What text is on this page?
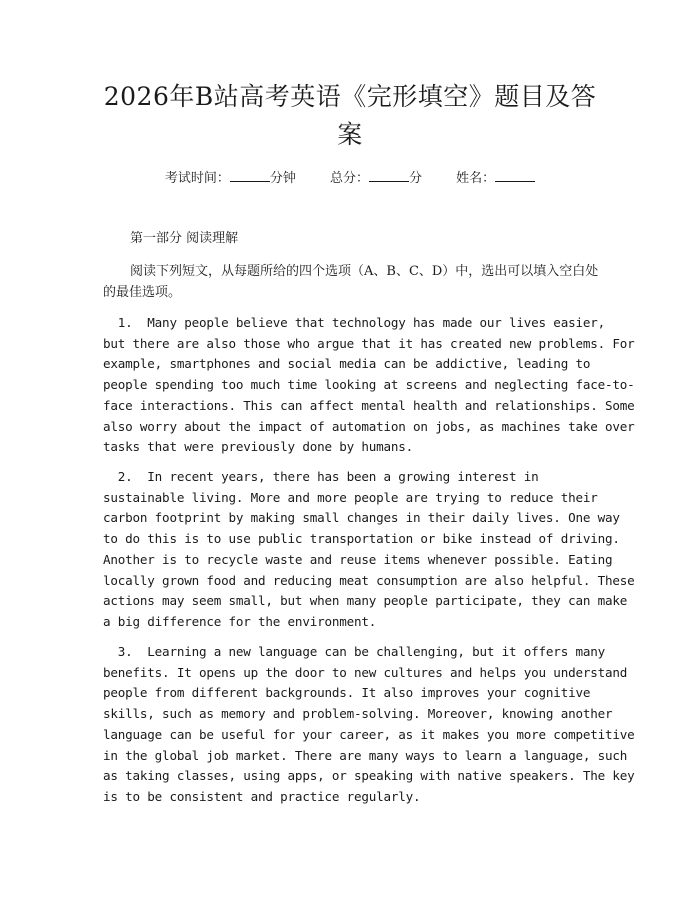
2026年B站高考英语《完形填空》题目及答
案
考试时间：	分钟	总分：	分	姓名：

第一部分 阅读理解

阅读下列短文，从每题所给的四个选项（A、B、C、D）中，选出可以填入空白处的最佳选项。

1.  Many people believe that technology has made our lives easier,
but there are also those who argue that it has created new problems. For
example, smartphones and social media can be addictive, leading to
people spending too much time looking at screens and neglecting face-to-
face interactions. This can affect mental health and relationships. Some
also worry about the impact of automation on jobs, as machines take over
tasks that were previously done by humans.
2.  In recent years, there has been a growing interest in
sustainable living. More and more people are trying to reduce their
carbon footprint by making small changes in their daily lives. One way
to do this is to use public transportation or bike instead of driving.
Another is to recycle waste and reuse items whenever possible. Eating
locally grown food and reducing meat consumption are also helpful. These
actions may seem small, but when many people participate, they can make
a big difference for the environment.
3.  Learning a new language can be challenging, but it offers many
benefits. It opens up the door to new cultures and helps you understand
people from different backgrounds. It also improves your cognitive
skills, such as memory and problem-solving. Moreover, knowing another
language can be useful for your career, as it makes you more competitive
in the global job market. There are many ways to learn a language, such
as taking classes, using apps, or speaking with native speakers. The key
is to be consistent and practice regularly.
